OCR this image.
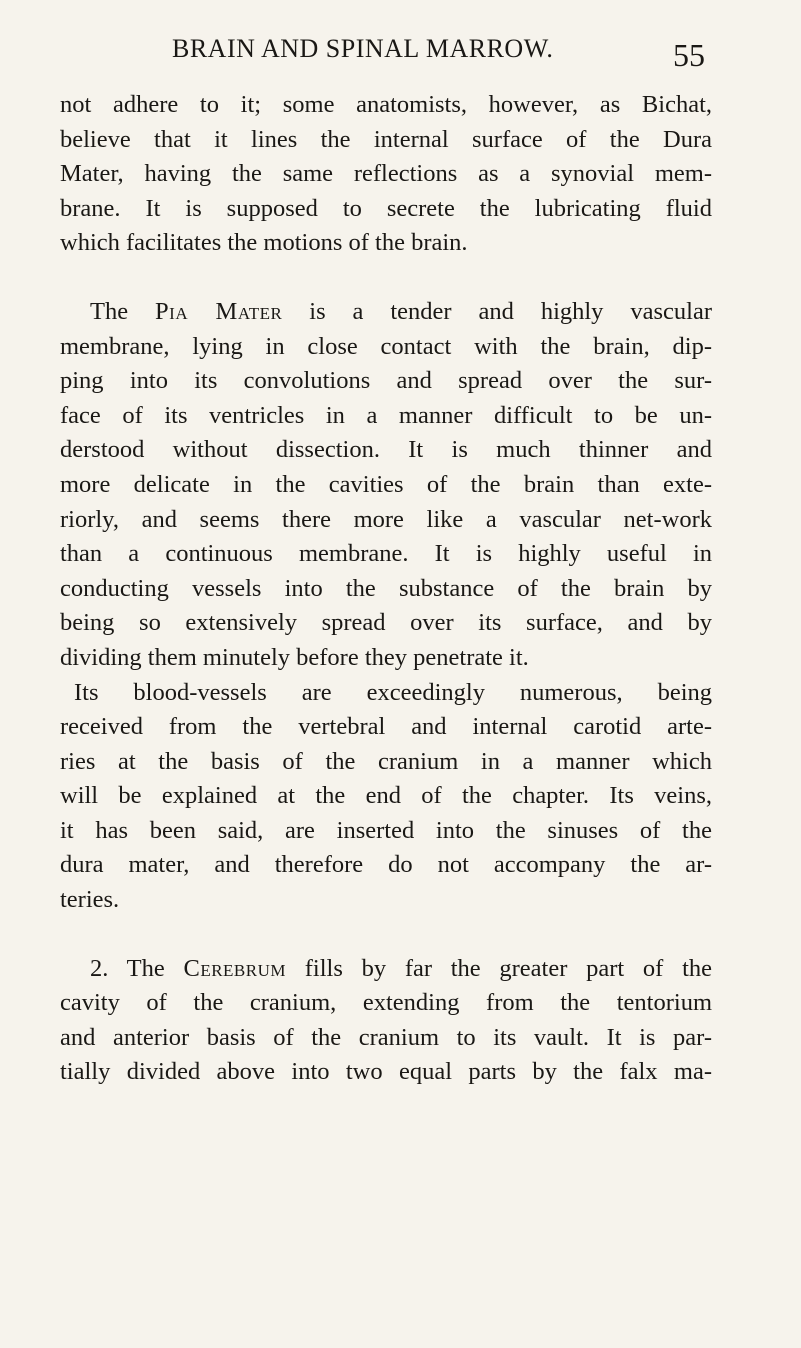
BRAIN AND SPINAL MARROW.	55
not adhere to it; some anatomists, however, as Bichat,
believe that it lines the internal surface of the Dura
Mater, having the same reflections as a synovial mem-
brane. It is supposed to secrete the lubricating fluid
which facilitates the motions of the brain.
The Pia Mater is a tender and highly vascular
membrane, lying in close contact with the brain, dip-
ping into its convolutions and spread over the sur-
face of its ventricles in a manner difficult to be un-
derstood without dissection. It is much thinner and
more delicate in the cavities of the brain than exte-
riorly, and seems there more like a vascular net-work
than a continuous membrane. It is highly useful in
conducting vessels into the substance of the brain by
being so extensively spread over its surface, and by
dividing them minutely before they penetrate it.
Its blood-vessels are exceedingly numerous, being
received from the vertebral and internal carotid arte-
ries at the basis of the cranium in a manner which
will be explained at the end of the chapter. Its veins,
it has been said, are inserted into the sinuses of the
dura mater, and therefore do not accompany the ar-
teries.
2. The Cerebrum fills by far the greater part of the
cavity of the cranium, extending from the tentorium
and anterior basis of the cranium to its vault. It is par-
tially divided above into two equal parts by the falx ma-
